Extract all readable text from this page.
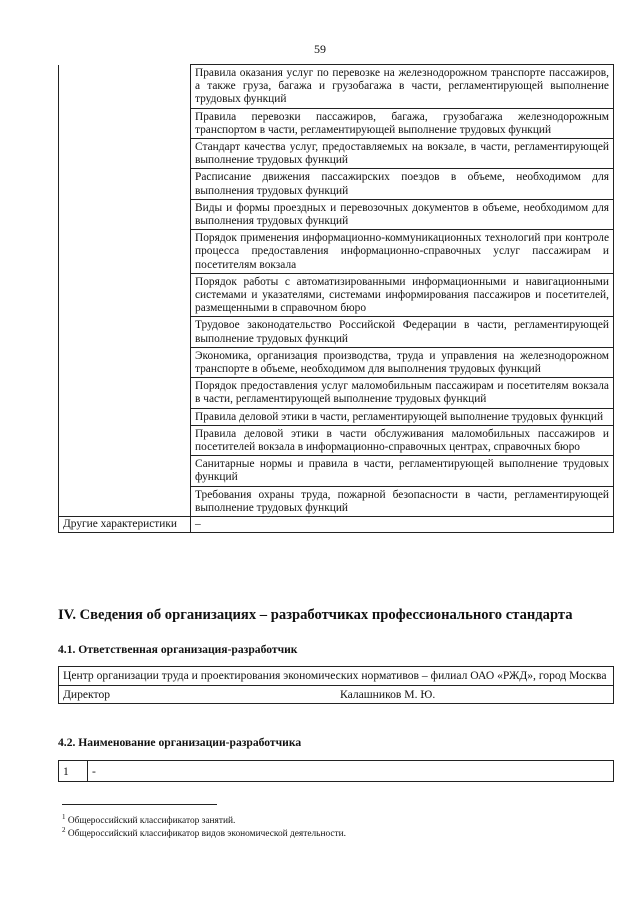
59
	Правила оказания услуг по перевозке на железнодорожном транспорте пассажиров, а также груза, багажа и грузобагажа в части, регламентирующей выполнение трудовых функций
	Правила перевозки пассажиров, багажа, грузобагажа железнодорожным транспортом в части, регламентирующей выполнение трудовых функций
	Стандарт качества услуг, предоставляемых на вокзале, в части, регламентирующей выполнение трудовых функций
	Расписание движения пассажирских поездов в объеме, необходимом для выполнения трудовых функций
	Виды и формы проездных и перевозочных документов в объеме, необходимом для выполнения трудовых функций
	Порядок применения информационно-коммуникационных технологий при контроле процесса предоставления информационно-справочных услуг пассажирам и посетителям вокзала
	Порядок работы с автоматизированными информационными и навигационными системами и указателями, системами информирования пассажиров и посетителей, размещенными в справочном бюро
	Трудовое законодательство Российской Федерации в части, регламентирующей выполнение трудовых функций
	Экономика, организация производства, труда и управления на железнодорожном транспорте в объеме, необходимом для выполнения трудовых функций
	Порядок предоставления услуг маломобильным пассажирам и посетителям вокзала в части, регламентирующей выполнение трудовых функций
	Правила деловой этики в части, регламентирующей выполнение трудовых функций
	Правила деловой этики в части обслуживания маломобильных пассажиров и посетителей вокзала в информационно-справочных центрах, справочных бюро
	Санитарные нормы и правила в части, регламентирующей выполнение трудовых функций
	Требования охраны труда, пожарной безопасности в части, регламентирующей выполнение трудовых функций
Другие характеристики	–
IV. Сведения об организациях – разработчиках профессионального стандарта
4.1. Ответственная организация-разработчик
Центр организации труда и проектирования экономических нормативов – филиал ОАО «РЖД», город Москва
Директор	Калашников М. Ю.
4.2. Наименование организации-разработчика
1	-
$^1$ Общероссийский классификатор занятий.
$^2$ Общероссийский классификатор видов экономической деятельности.
